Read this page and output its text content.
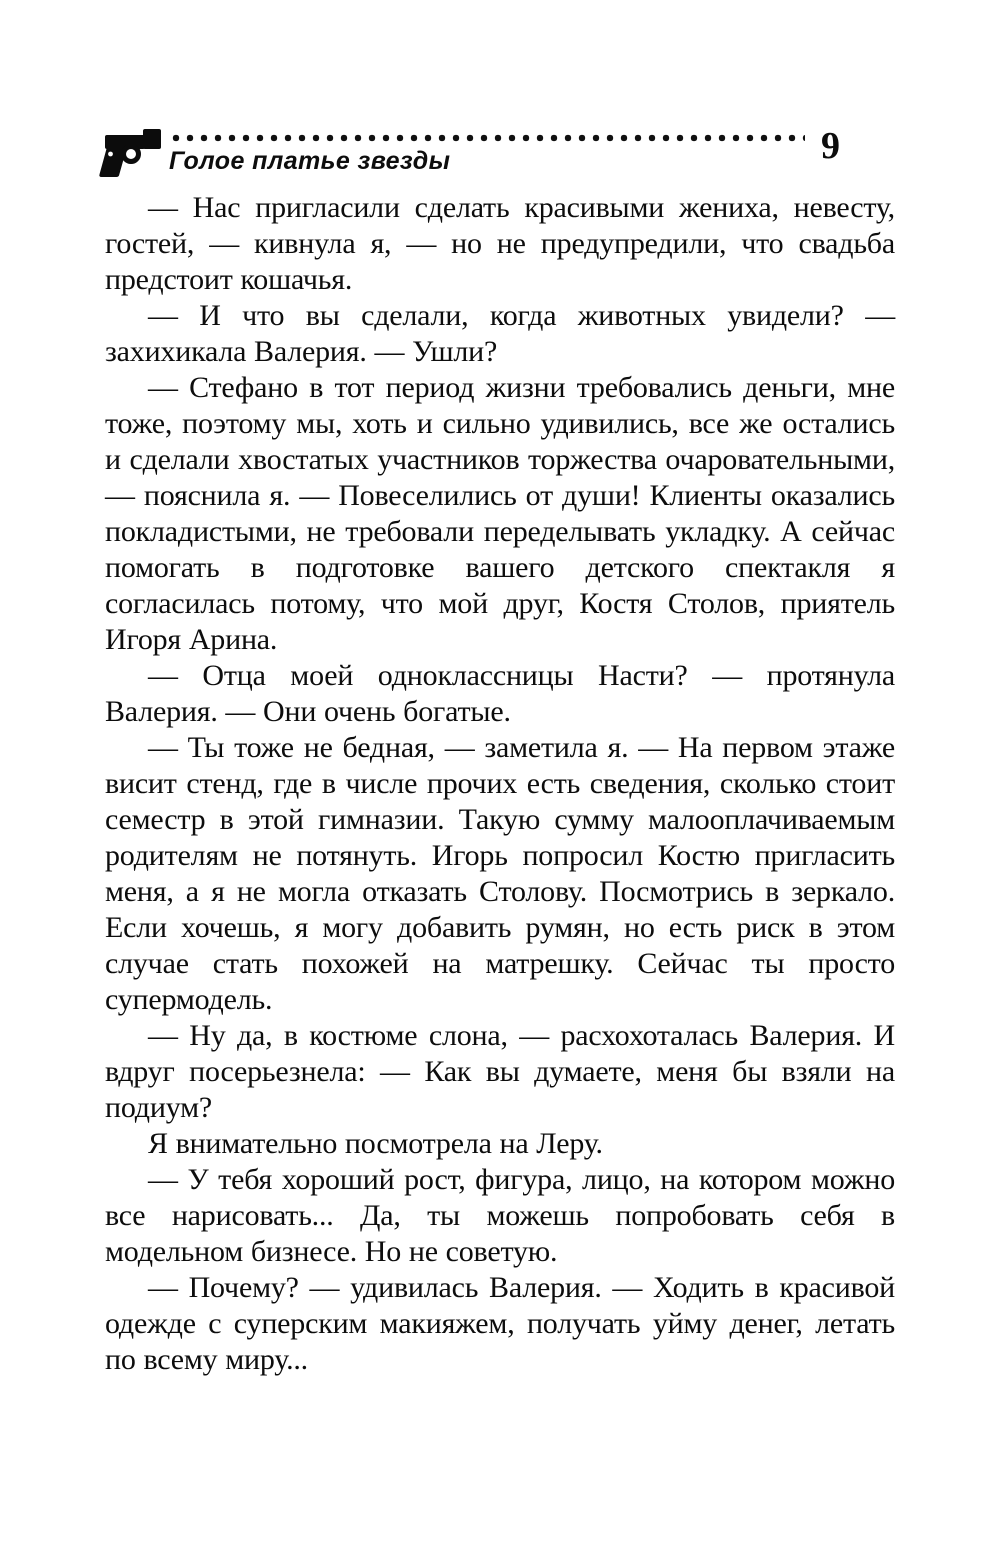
Голое платье звезды	9

— Нас пригласили сделать красивыми жениха, невесту, гостей, — кивнула я, — но не предупредили, что свадьба предстоит кошачья.

— И что вы сделали, когда животных увидели? — захихикала Валерия. — Ушли?

— Стефано в тот период жизни требовались деньги, мне тоже, поэтому мы, хоть и сильно удивились, все же остались и сделали хвостатых участников торжества очаровательными, — пояснила я. — Повеселились от души! Клиенты оказались покладистыми, не требовали переделывать укладку. А сейчас помогать в подготовке вашего детского спектакля я согласилась потому, что мой друг, Костя Столов, приятель Игоря Арина.

— Отца моей одноклассницы Насти? — протянула Валерия. — Они очень богатые.

— Ты тоже не бедная, — заметила я. — На первом этаже висит стенд, где в числе прочих есть сведения, сколько стоит семестр в этой гимназии. Такую сумму малооплачиваемым родителям не потянуть. Игорь попросил Костю пригласить меня, а я не могла отказать Столову. Посмотрись в зеркало. Если хочешь, я могу добавить румян, но есть риск в этом случае стать похожей на матрешку. Сейчас ты просто супермодель.

— Ну да, в костюме слона, — расхохоталась Валерия. И вдруг посерьезнела: — Как вы думаете, меня бы взяли на подиум?

Я внимательно посмотрела на Леру.

— У тебя хороший рост, фигура, лицо, на котором можно все нарисовать... Да, ты можешь попробовать себя в модельном бизнесе. Но не советую.

— Почему? — удивилась Валерия. — Ходить в красивой одежде с суперским макияжем, получать уйму денег, летать по всему миру...
